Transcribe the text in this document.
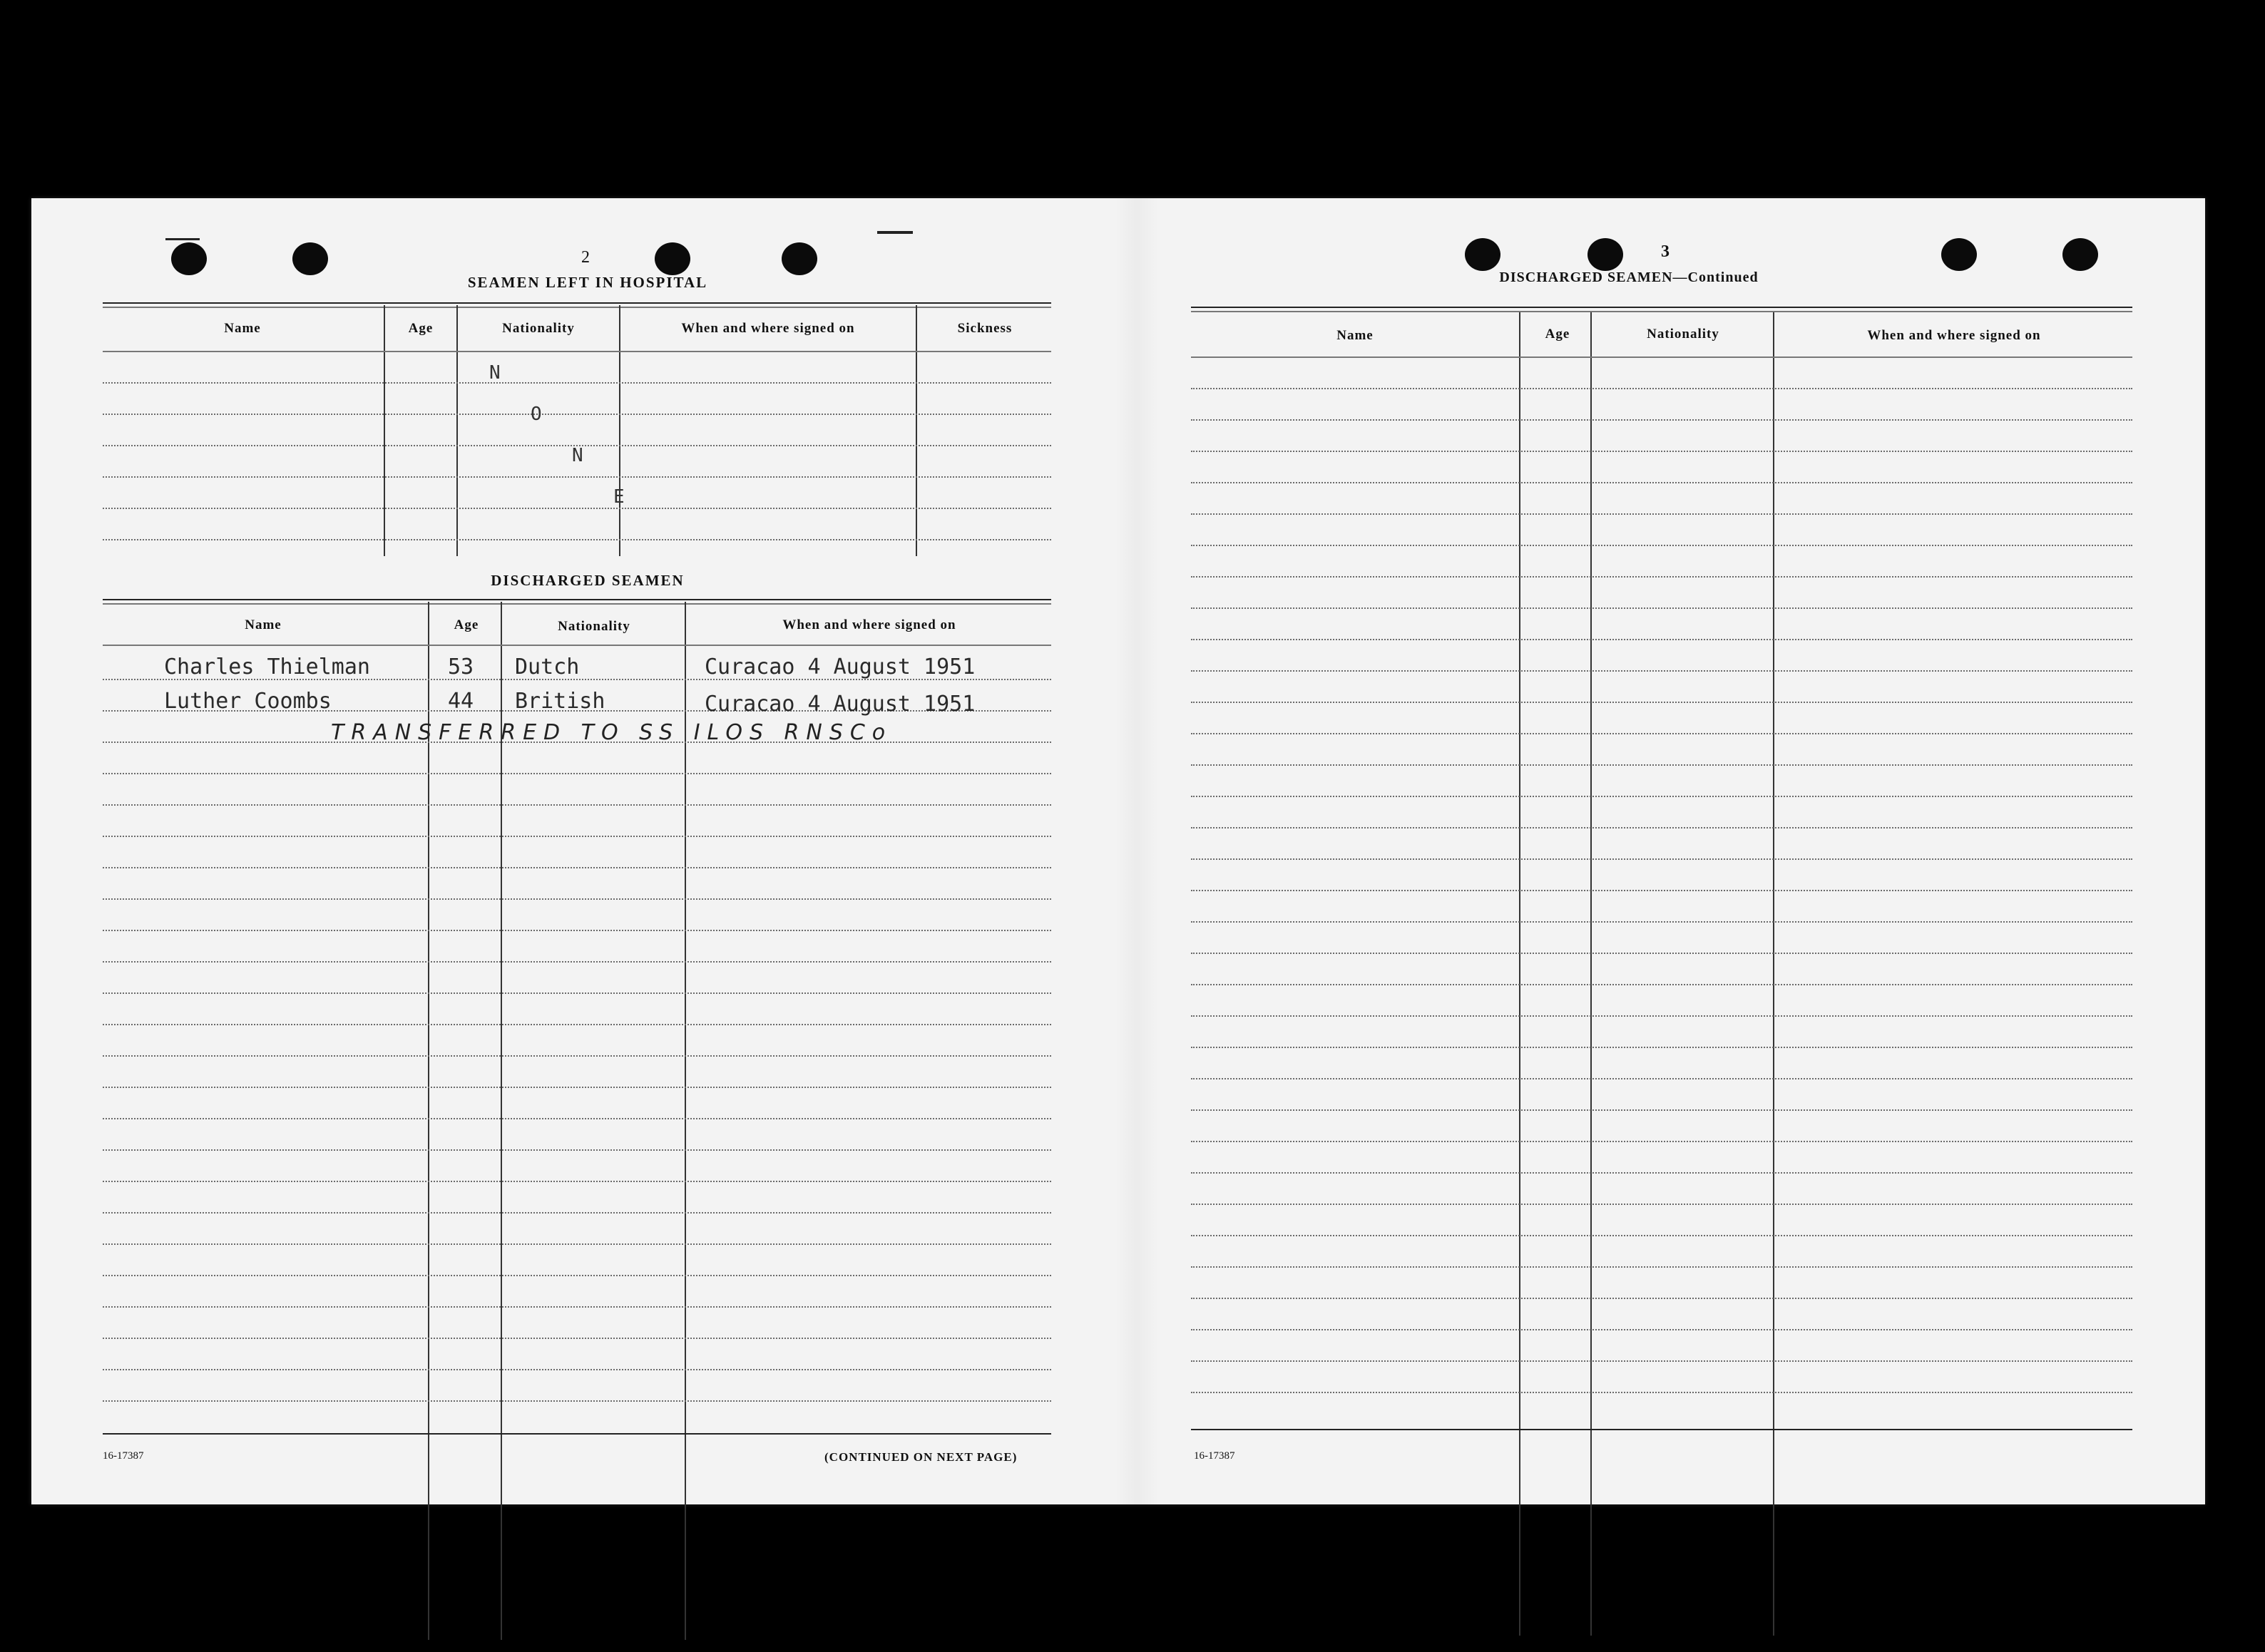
2
SEAMEN LEFT IN HOSPITAL
Name	Age	Nationality	When and where signed on	Sickness
N
O
N
E
DISCHARGED SEAMEN
Name	Age	Nationality	When and where signed on
Charles Thielman	53 Dutch	Curacao 4 August 1951
Luther Coombs	44 British	Curacao 4 August 1951
TRANSFERRED TO SS ILOS RNSCo
16-17387	(CONTINUED ON NEXT PAGE)
3
DISCHARGED SEAMEN—Continued
Name	Age	Nationality	When and where signed on
16-17387
